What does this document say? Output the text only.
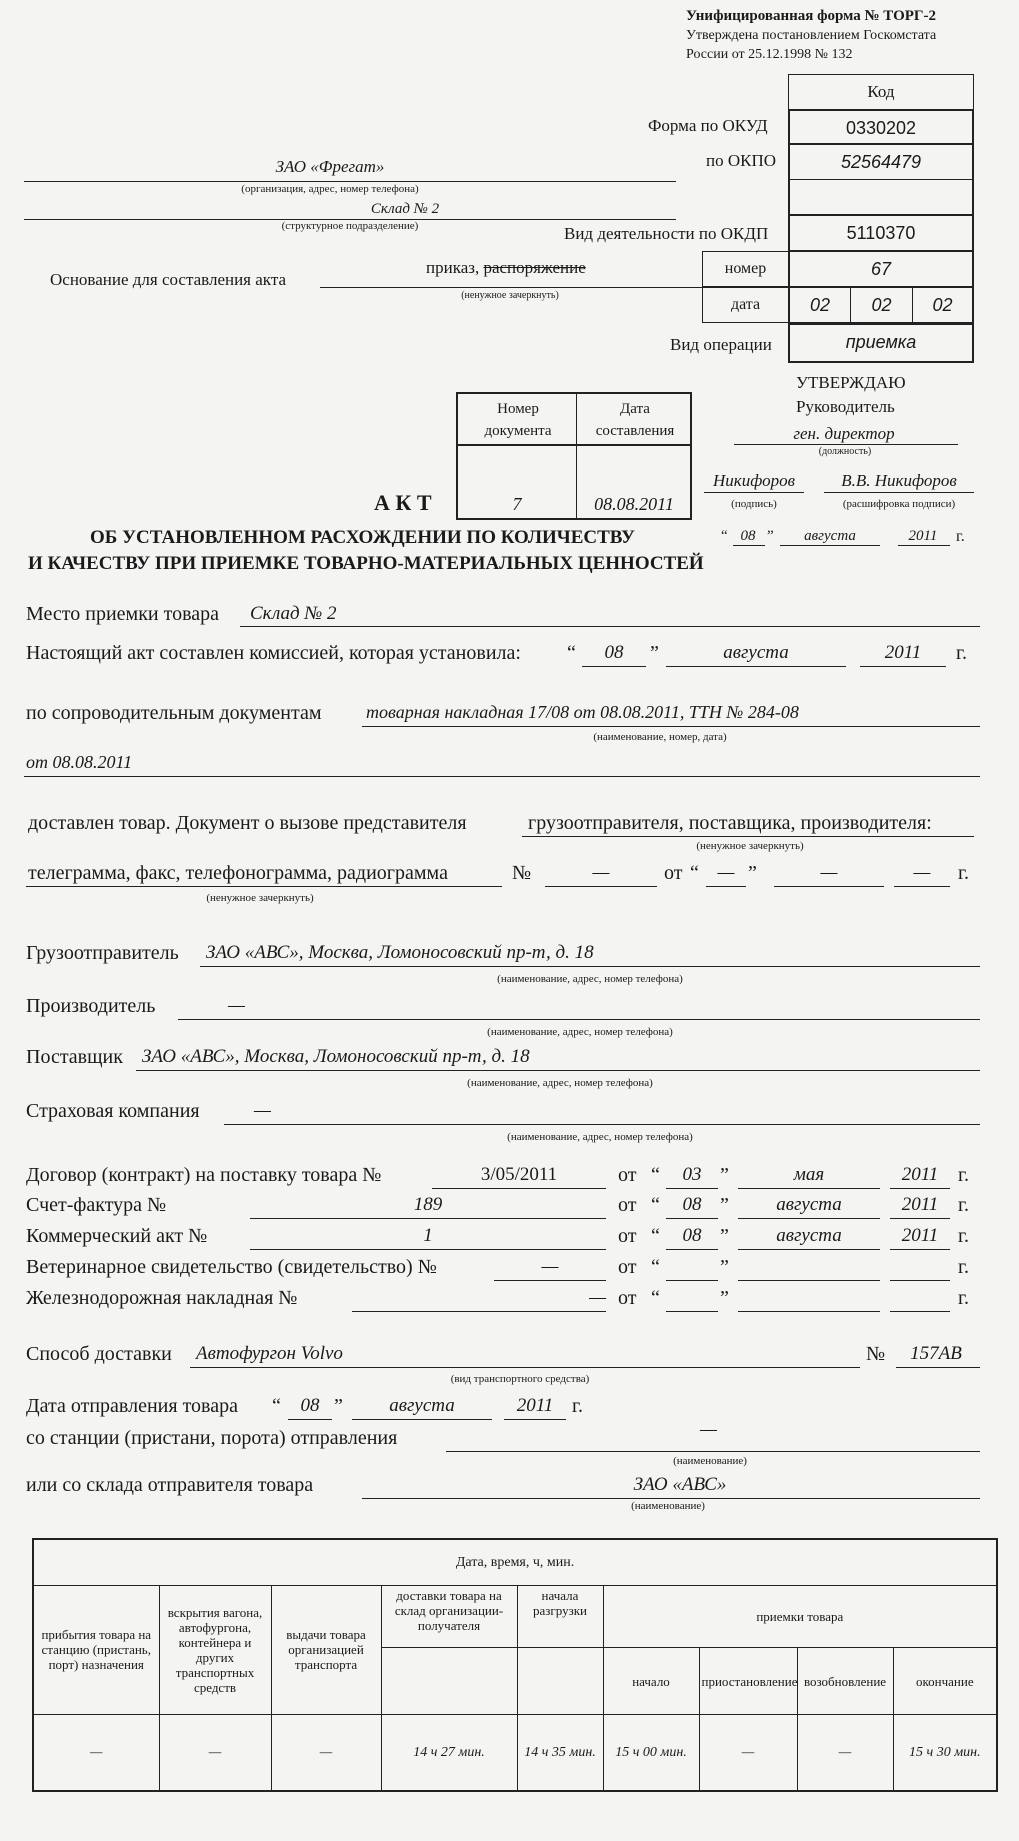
Унифицированная форма № ТОРГ-2
Утверждена постановлением Госкомстата
России от 25.12.1998 № 132
Код
Форма по ОКУД	0330202
по ОКПО	52564479
Вид деятельности по ОКДП	5110370
номер	67
дата	02	02	02
Вид операции	приемка
ЗАО «Фрегат»
(организация, адрес, номер телефона)
Склад № 2
(структурное подразделение)
Основание для составления акта
приказ, распоряжение
(ненужное зачеркнуть)
УТВЕРЖДАЮ
Руководитель
ген. директор
(должность)
Никифоров
(подпись)
В.В. Никифоров
(расшифровка подписи)
“ 08 ”	августа	2011	г.
Номер документа
Дата составления
7	08.08.2011
А К Т
ОБ УСТАНОВЛЕННОМ РАСХОЖДЕНИИ ПО КОЛИЧЕСТВУ
И КАЧЕСТВУ ПРИ ПРИЕМКЕ ТОВАРНО-МАТЕРИАЛЬНЫХ ЦЕННОСТЕЙ
Место приемки товара Склад № 2
Настоящий акт составлен комиссией, которая установила: “	08	”	августа	2011	г.
по сопроводительным документам товарная накладная 17/08 от 08.08.2011, ТТН № 284-08
(наименование, номер, дата)
от 08.08.2011
доставлен товар. Документ о вызове представителя	грузоотправителя, поставщика, производителя:
(ненужное зачеркнуть)
телеграмма, факс, телефонограмма, радиограмма
(ненужное зачеркнуть)
№	—	от “ — ”	—	—	г.
Грузоотправитель ЗАО «АВС», Москва, Ломоносовский пр-т, д. 18
(наименование, адрес, номер телефона)
Производитель	—
(наименование, адрес, номер телефона)
Поставщик ЗАО «АВС», Москва, Ломоносовский пр-т, д. 18
(наименование, адрес, номер телефона)
Страховая компания	—
(наименование, адрес, номер телефона)
Договор (контракт) на поставку товара №	3/05/2011	от “	03 ”	мая	2011 г.
Счет-фактура №	189	от “	08 ”	августа	2011 г.
Коммерческий акт №	1	от “	08 ”	августа	2011 г.
Ветеринарное свидетельство (свидетельство) №	—	от “	”	г.
Железнодорожная накладная №	— от “	”	г.
Способ доставки Автофургон Volvo
(вид транспортного средства)
№	157АВ
Дата отправления товара “	08 ”	августа	2011 г.
со станции (пристани, порота) отправления	—
(наименование)
или со склада отправителя товара	ЗАО «АВС»
(наименование)
Дата, время, ч, мин.								
прибытия товара на станцию (пристань, порт) назначения	вскрытия вагона, автофургона, контейнера и других транспортных средств	выдачи товара организацией транспорта	доставки товара на склад организации-получателя	начала разгрузки	приемки товара			
					начало	приостановление	возобновление	окончание
—	—	—	14 ч 27 мин.	14 ч 35 мин.	15 ч 00 мин.	—	—	15 ч 30 мин.
